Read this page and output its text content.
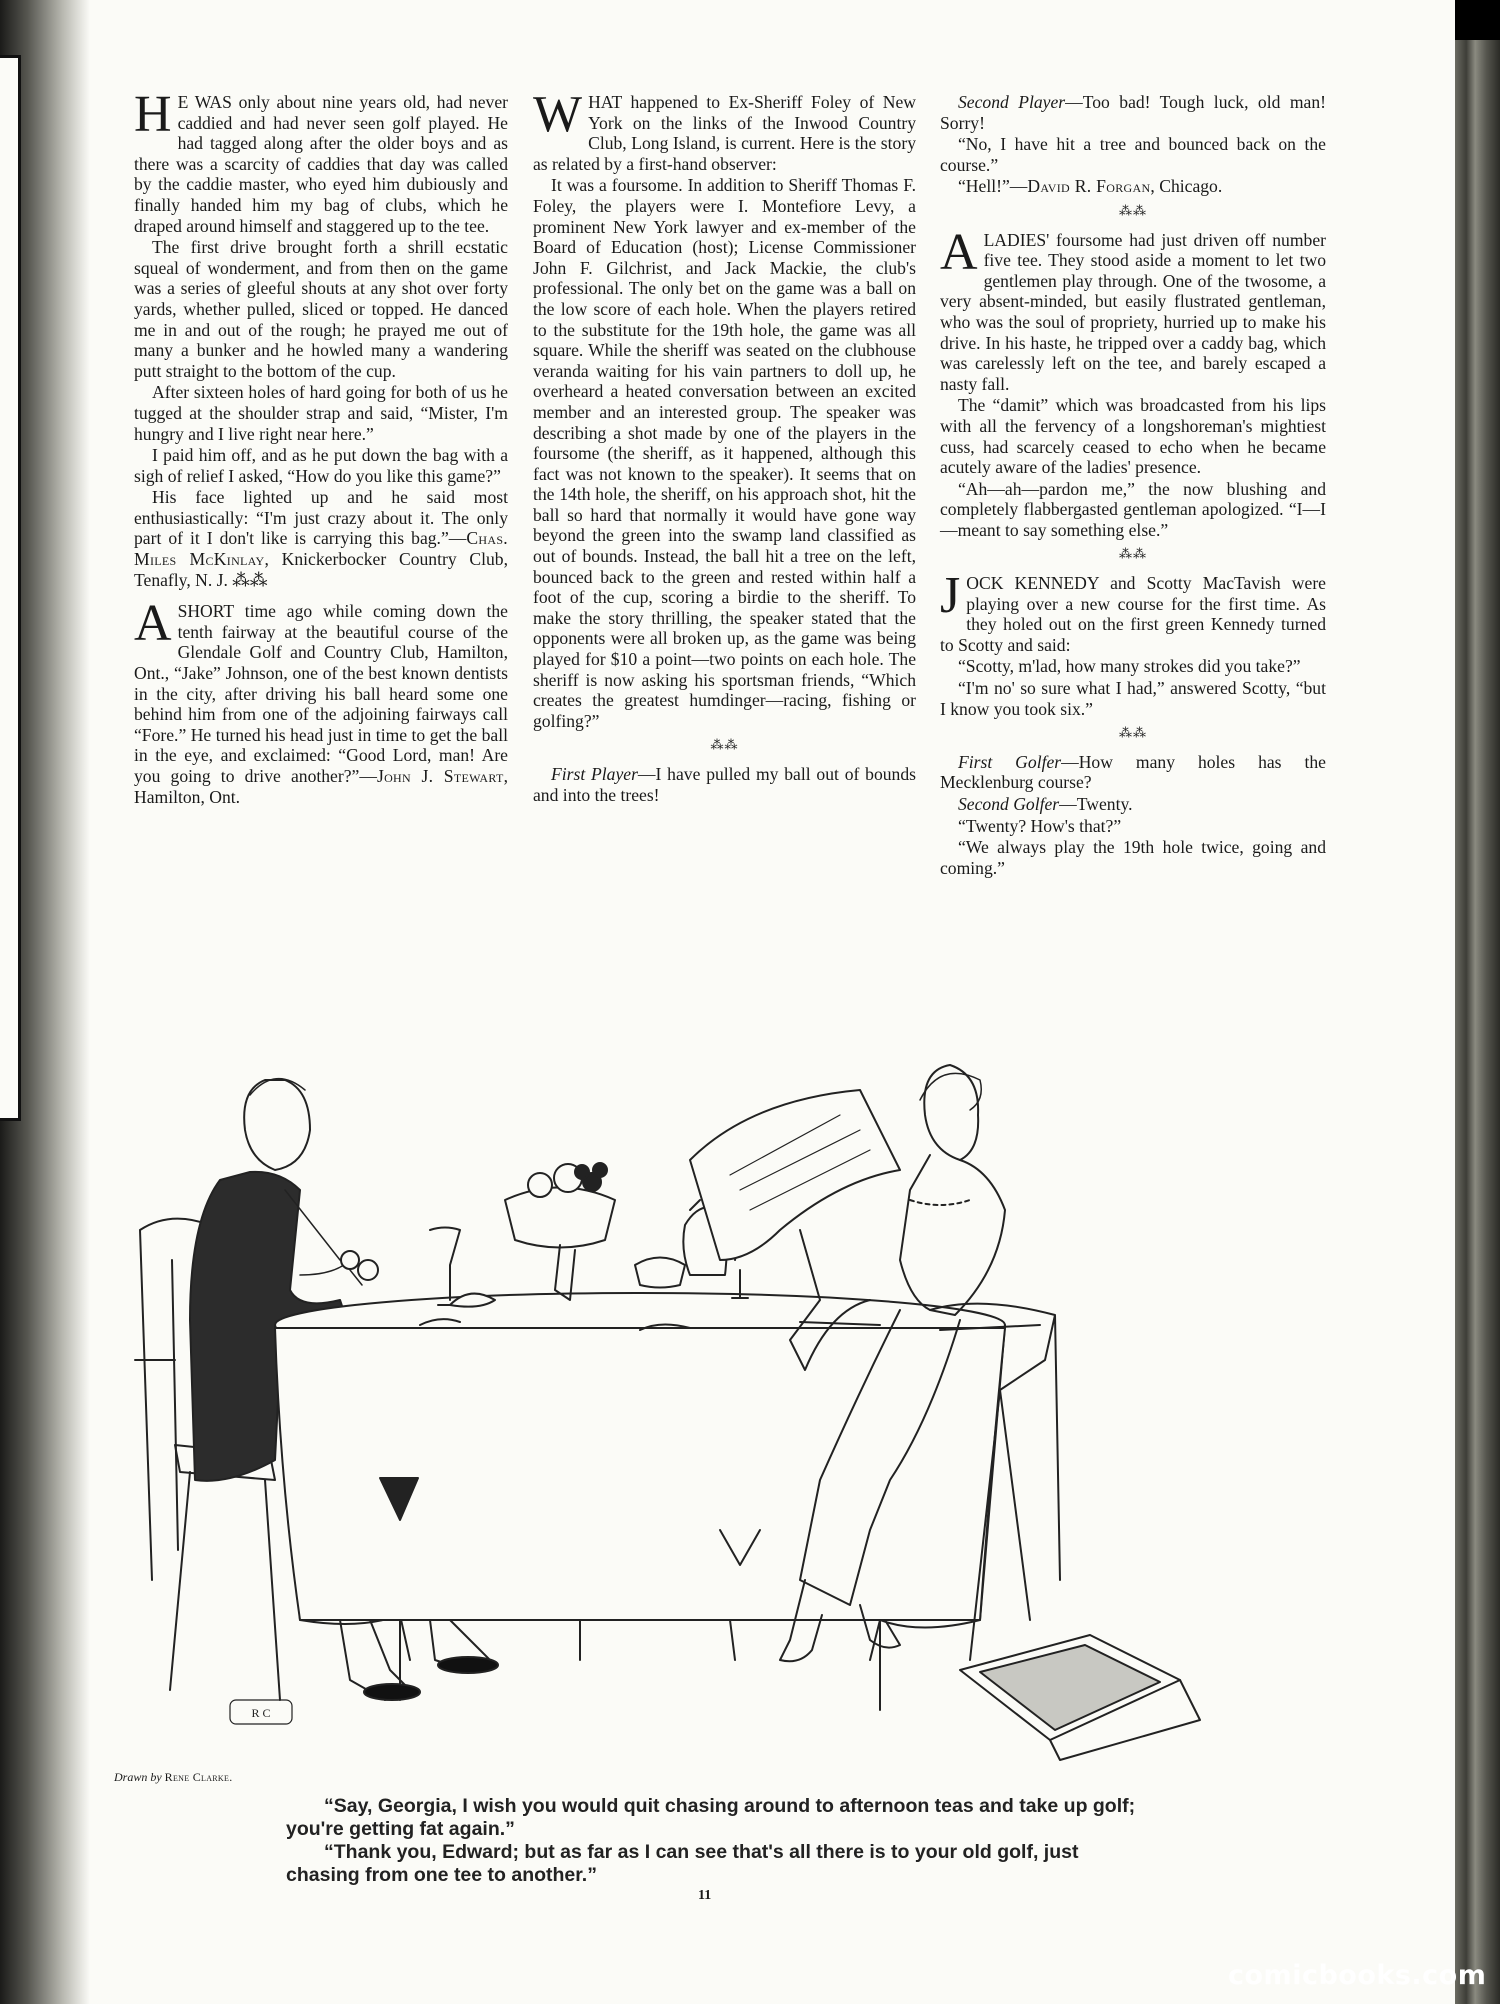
H E WAS only about nine years old, had never caddied and had never seen golf played. He had tagged along after the older boys and as there was a scarcity of caddies that day was called by the caddie master, who eyed him dubiously and finally handed him my bag of clubs, which he draped around himself and staggered up to the tee.

The first drive brought forth a shrill ecstatic squeal of wonderment, and from then on the game was a series of gleeful shouts at any shot over forty yards, whether pulled, sliced or topped. He danced me in and out of the rough; he prayed me out of many a bunker and he howled many a wandering putt straight to the bottom of the cup.

After sixteen holes of hard going for both of us he tugged at the shoulder strap and said, “Mister, I'm hungry and I live right near here.”

I paid him off, and as he put down the bag with a sigh of relief I asked, “How do you like this game?”

His face lighted up and he said most enthusiastically: “I'm just crazy about it. The only part of it I don't like is carrying this bag.”—Chas. Miles McKinlay, Knickerbocker Country Club, Tenafly, N. J. ⁂⁂

ASHORT time ago while coming down the tenth fairway at the beautiful course of the Glendale Golf and Country Club, Hamilton, Ont., “Jake” Johnson, one of the best known dentists in the city, after driving his ball heard some one behind him from one of the adjoining fairways call “Fore.” He turned his head just in time to get the ball in the eye, and exclaimed: “Good Lord, man! Are you going to drive another?”—John J. Stewart, Hamilton, Ont.

WHAT happened to Ex-Sheriff Foley of New York on the links of the Inwood Country Club, Long Island, is current. Here is the story as related by a first-hand observer:

It was a foursome. In addition to Sheriff Thomas F. Foley, the players were I. Montefiore Levy, a prominent New York lawyer and ex-member of the Board of Education (host); License Commissioner John F. Gilchrist, and Jack Mackie, the club's professional. The only bet on the game was a ball on the low score of each hole. When the players retired to the substitute for the 19th hole, the game was all square. While the sheriff was seated on the clubhouse veranda waiting for his vain partners to doll up, he overheard a heated conversation between an excited member and an interested group. The speaker was describing a shot made by one of the players in the foursome (the sheriff, as it happened, although this fact was not known to the speaker). It seems that on the 14th hole, the sheriff, on his approach shot, hit the ball so hard that normally it would have gone way beyond the green into the swamp land classified as out of bounds. Instead, the ball hit a tree on the left, bounced back to the green and rested within half a foot of the cup, scoring a birdie to the sheriff. To make the story thrilling, the speaker stated that the opponents were all broken up, as the game was being played for $10 a point—two points on each hole. The sheriff is now asking his sportsman friends, “Which creates the greatest humdinger—racing, fishing or golfing?”

⁂⁂

First Player—I have pulled my ball out of bounds and into the trees!

Second Player—Too bad! Tough luck, old man! Sorry!

“No, I have hit a tree and bounced back on the course.”

“Hell!”—David R. Forgan, Chicago.

⁂⁂

ALADIES' foursome had just driven off number five tee. They stood aside a moment to let two gentlemen play through. One of the twosome, a very absent-minded, but easily flustrated gentleman, who was the soul of propriety, hurried up to make his drive. In his haste, he tripped over a caddy bag, which was carelessly left on the tee, and barely escaped a nasty fall.

The “damit” which was broadcasted from his lips with all the fervency of a longshoreman's mightiest cuss, had scarcely ceased to echo when he became acutely aware of the ladies' presence.

“Ah—ah—pardon me,” the now blushing and completely flabbergasted gentleman apologized. “I—I—meant to say something else.”

⁂⁂

JOCK KENNEDY and Scotty MacTavish were playing over a new course for the first time. As they holed out on the first green Kennedy turned to Scotty and said:

“Scotty, m'lad, how many strokes did you take?”

“I'm no' so sure what I had,” answered Scotty, “but I know you took six.”

⁂⁂

First Golfer—How many holes has the Mecklenburg course?

Second Golfer—Twenty.

“Twenty? How's that?”

“We always play the 19th hole twice, going and coming.”

R C
Drawn by Rene Clarke.

“Say, Georgia, I wish you would quit chasing around to afternoon teas and take up golf; you're getting fat again.”

“Thank you, Edward; but as far as I can see that's all there is to your old golf, just chasing from one tee to another.”

11
comicbooks.com
